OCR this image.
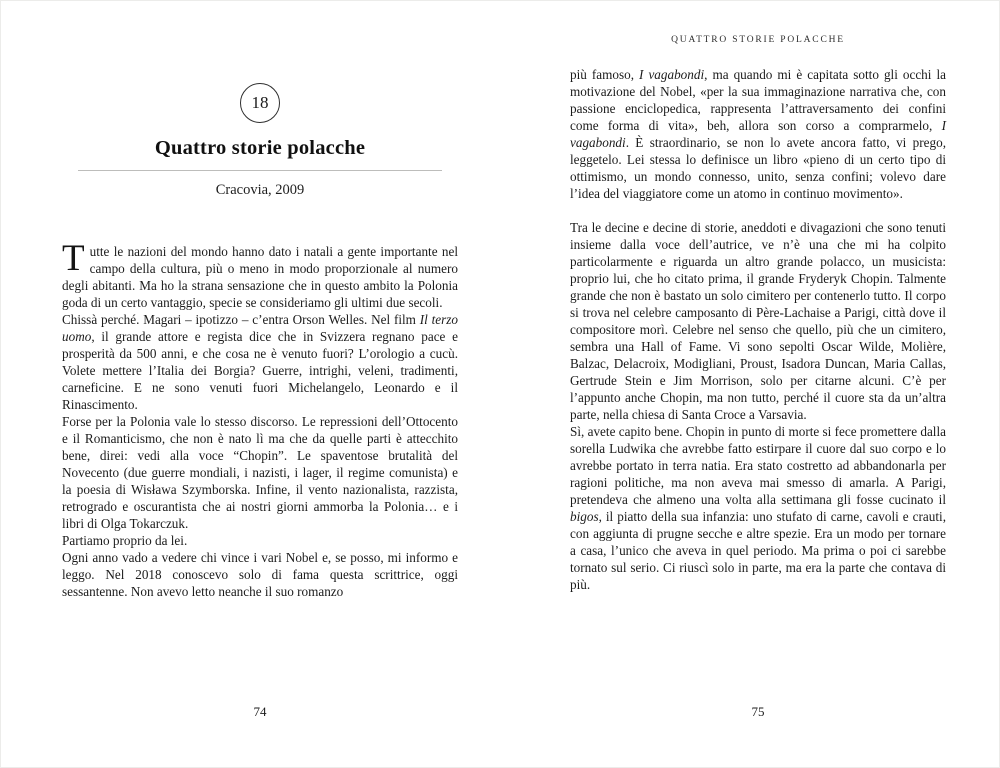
18
Quattro storie polacche
Cracovia, 2009

Tutte le nazioni del mondo hanno dato i natali a gente importante nel campo della cultura, più o meno in modo proporzionale al numero degli abitanti. Ma ho la strana sensazione che in questo ambito la Polonia goda di un certo vantaggio, specie se consideriamo gli ultimi due secoli.

Chissà perché. Magari – ipotizzo – c’entra Orson Welles. Nel film Il terzo uomo, il grande attore e regista dice che in Svizzera regnano pace e prosperità da 500 anni, e che cosa ne è venuto fuori? L’orologio a cucù. Volete mettere l’Italia dei Borgia? Guerre, intrighi, veleni, tradimenti, carneficine. E ne sono venuti fuori Michelangelo, Leonardo e il Rinascimento.

Forse per la Polonia vale lo stesso discorso. Le repressioni dell’Ottocento e il Romanticismo, che non è nato lì ma che da quelle parti è attecchito bene, direi: vedi alla voce “Chopin”. Le spaventose brutalità del Novecento (due guerre mondiali, i nazisti, i lager, il regime comunista) e la poesia di Wisława Szymborska. Infine, il vento nazionalista, razzista, retrogrado e oscurantista che ai nostri giorni ammorba la Polonia… e i libri di Olga Tokarczuk.

Partiamo proprio da lei.

Ogni anno vado a vedere chi vince i vari Nobel e, se posso, mi informo e leggo. Nel 2018 conoscevo solo di fama questa scrittrice, oggi sessantenne. Non avevo letto neanche il suo romanzo

74
QUATTRO STORIE POLACCHE

più famoso, I vagabondi, ma quando mi è capitata sotto gli occhi la motivazione del Nobel, «per la sua immaginazione narrativa che, con passione enciclopedica, rappresenta l’attraversamento dei confini come forma di vita», beh, allora son corso a comprarmelo, I vagabondi. È straordinario, se non lo avete ancora fatto, vi prego, leggetelo. Lei stessa lo definisce un libro «pieno di un certo tipo di ottimismo, un mondo connesso, unito, senza confini; volevo dare l’idea del viaggiatore come un atomo in continuo movimento».

Tra le decine e decine di storie, aneddoti e divagazioni che sono tenuti insieme dalla voce dell’autrice, ve n’è una che mi ha colpito particolarmente e riguarda un altro grande polacco, un musicista: proprio lui, che ho citato prima, il grande Fryderyk Chopin. Talmente grande che non è bastato un solo cimitero per contenerlo tutto. Il corpo si trova nel celebre camposanto di Père-Lachaise a Parigi, città dove il compositore morì. Celebre nel senso che quello, più che un cimitero, sembra una Hall of Fame. Vi sono sepolti Oscar Wilde, Molière, Balzac, Delacroix, Modigliani, Proust, Isadora Duncan, Maria Callas, Gertrude Stein e Jim Morrison, solo per citarne alcuni. C’è per l’appunto anche Chopin, ma non tutto, perché il cuore sta da un’altra parte, nella chiesa di Santa Croce a Varsavia.

Sì, avete capito bene. Chopin in punto di morte si fece promettere dalla sorella Ludwika che avrebbe fatto estirpare il cuore dal suo corpo e lo avrebbe portato in terra natia. Era stato costretto ad abbandonarla per ragioni politiche, ma non aveva mai smesso di amarla. A Parigi, pretendeva che almeno una volta alla settimana gli fosse cucinato il bigos, il piatto della sua infanzia: uno stufato di carne, cavoli e crauti, con aggiunta di prugne secche e altre spezie. Era un modo per tornare a casa, l’unico che aveva in quel periodo. Ma prima o poi ci sarebbe tornato sul serio. Ci riuscì solo in parte, ma era la parte che contava di più.

75
